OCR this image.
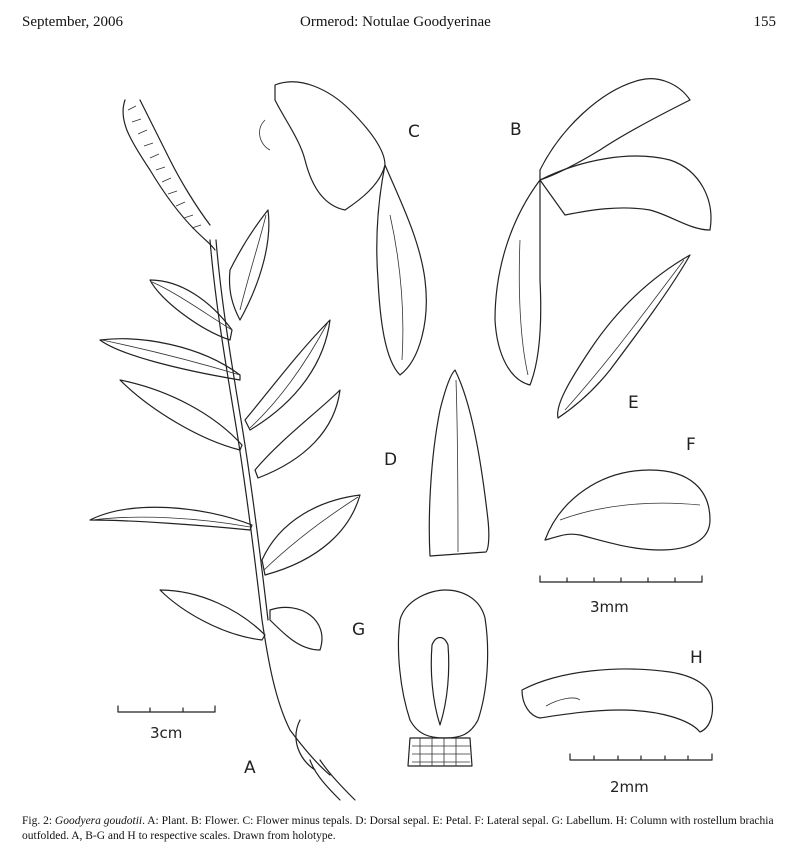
September, 2006	Ormerod: Notulae Goodyerinae	155
C	B
E
D
F
G
H
A
3cm
3mm
2mm
Fig. 2: Goodyera goudotii. A: Plant. B: Flower. C: Flower minus tepals. D: Dorsal sepal. E: Petal. F: Lateral sepal. G: Labellum. H: Column with rostellum brachia outfolded. A, B-G and H to respective scales. Drawn from holotype.
